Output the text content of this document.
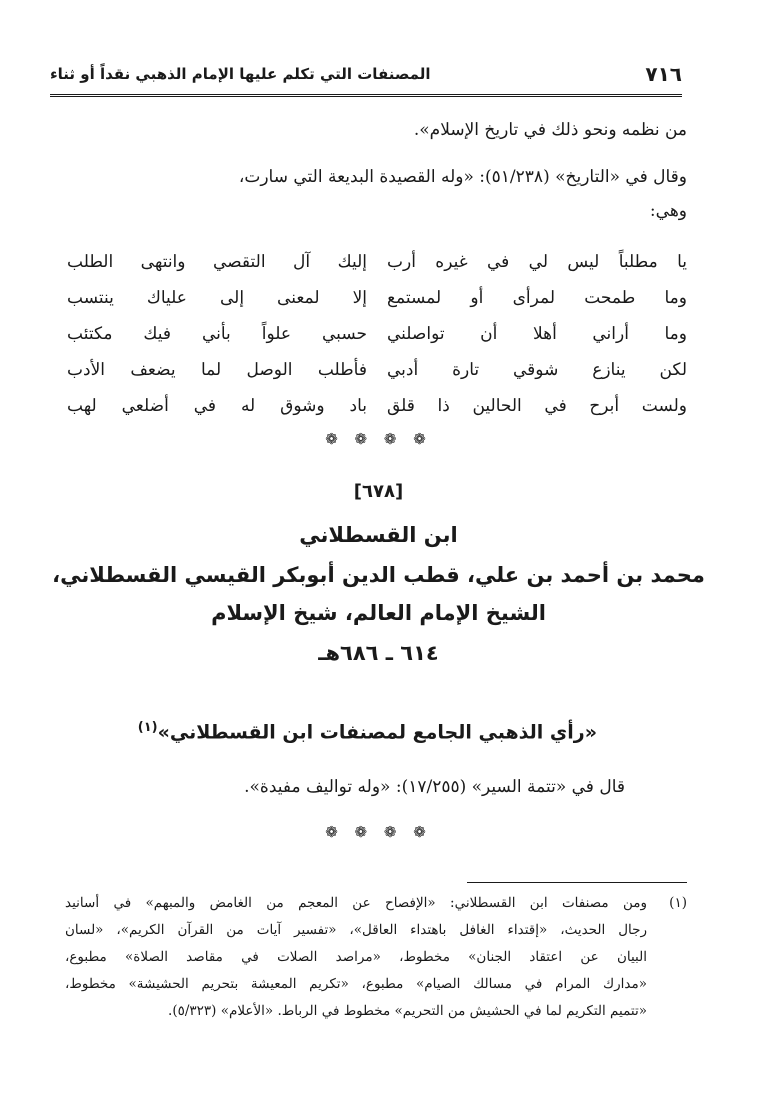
٧١٦
المصنفات التي تكلم عليها الإمام الذهبي نقداً أو ثناء
من نظمه ونحو ذلك في تاريخ الإسلام».
وقال في «التاريخ» (٥١/٢٣٨): «وله القصيدة البديعة التي سارت،
وهي:
يا مطلباً ليس لي في غيره أرب
إليك آل التقصي وانتهى الطلب
وما طمحت لمرأى أو لمستمع
إلا لمعنى إلى علياك ينتسب
وما أراني أهلا أن تواصلني
حسبي علواً بأني فيك مكتئب
لكن ينازع شوقي تارة أدبي
فأطلب الوصل لما يضعف الأدب
ولست أبرح في الحالين ذا قلق
باد وشوق له في أضلعي لهب
❁ ❁ ❁ ❁
[٦٧٨]
ابن القسطلاني
محمد بن أحمد بن علي، قطب الدين أبوبكر القيسي القسطلاني،
الشيخ الإمام العالم، شيخ الإسلام
٦١٤ ـ ٦٨٦هـ
«رأي الذهبي الجامع لمصنفات ابن القسطلاني»$^{(١)}$
قال في «تتمة السير» (١٧/٢٥٥): «وله تواليف مفيدة».
❁ ❁ ❁ ❁
(١)ومن مصنفات ابن القسطلاني: «الإفصاح عن المعجم من الغامض والمبهم» في أسانيد
رجال الحديث، «إقتداء الغافل باهتداء العاقل»، «تفسير آيات من القرآن الكريم»، «لسان
البيان عن اعتقاد الجنان» مخطوط، «مراصد الصلات في مقاصد الصلاة» مطبوع،
«مدارك المرام في مسالك الصيام» مطبوع، «تكريم المعيشة بتحريم الحشيشة» مخطوط،
«تتميم التكريم لما في الحشيش من التحريم» مخطوط في الرباط. «الأعلام» (٥/٣٢٣).
